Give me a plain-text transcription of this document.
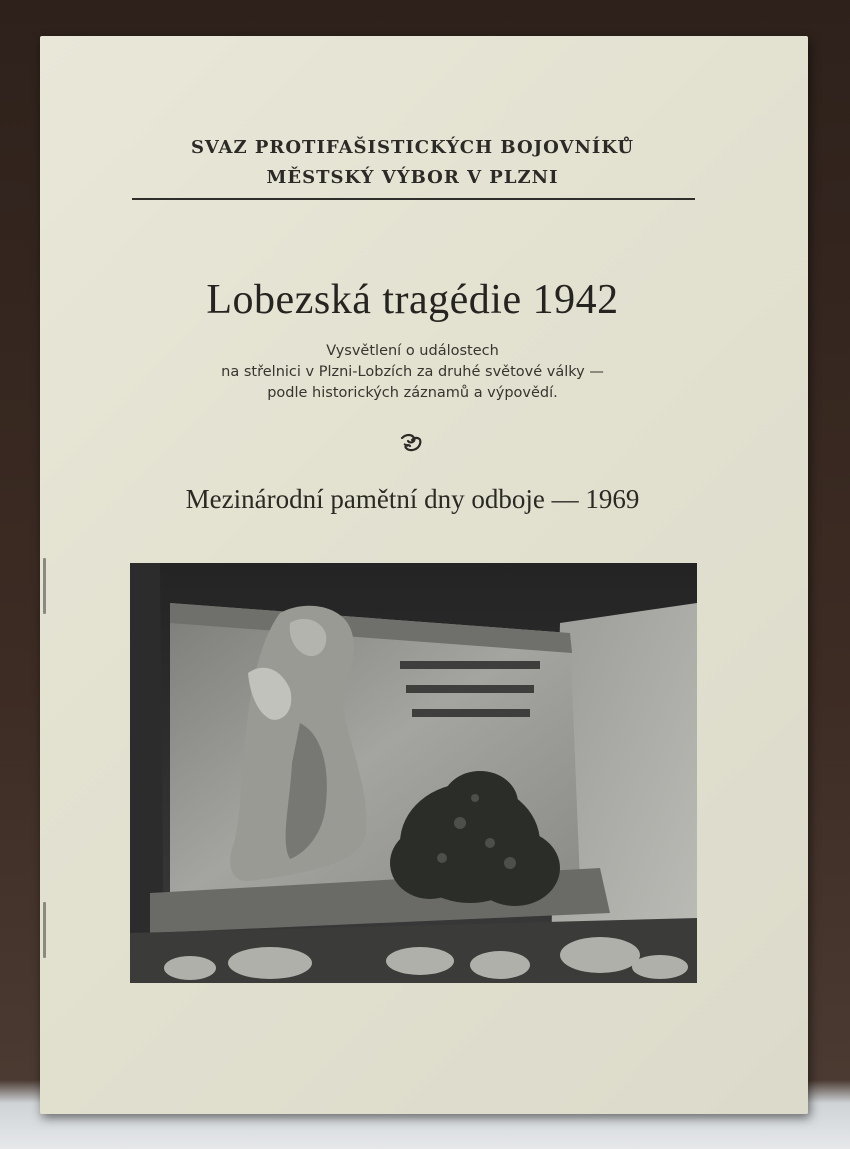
SVAZ PROTIFAŠISTICKÝCH BOJOVNÍKŮ
MĚSTSKÝ VÝBOR V PLZNI
Lobezská tragédie 1942
Vysvětlení o událostech
na střelnici v Plzni-Lobzích za druhé světové války —
podle historických záznamů a výpovědí.
Mezinárodní pamětní dny odboje — 1969
